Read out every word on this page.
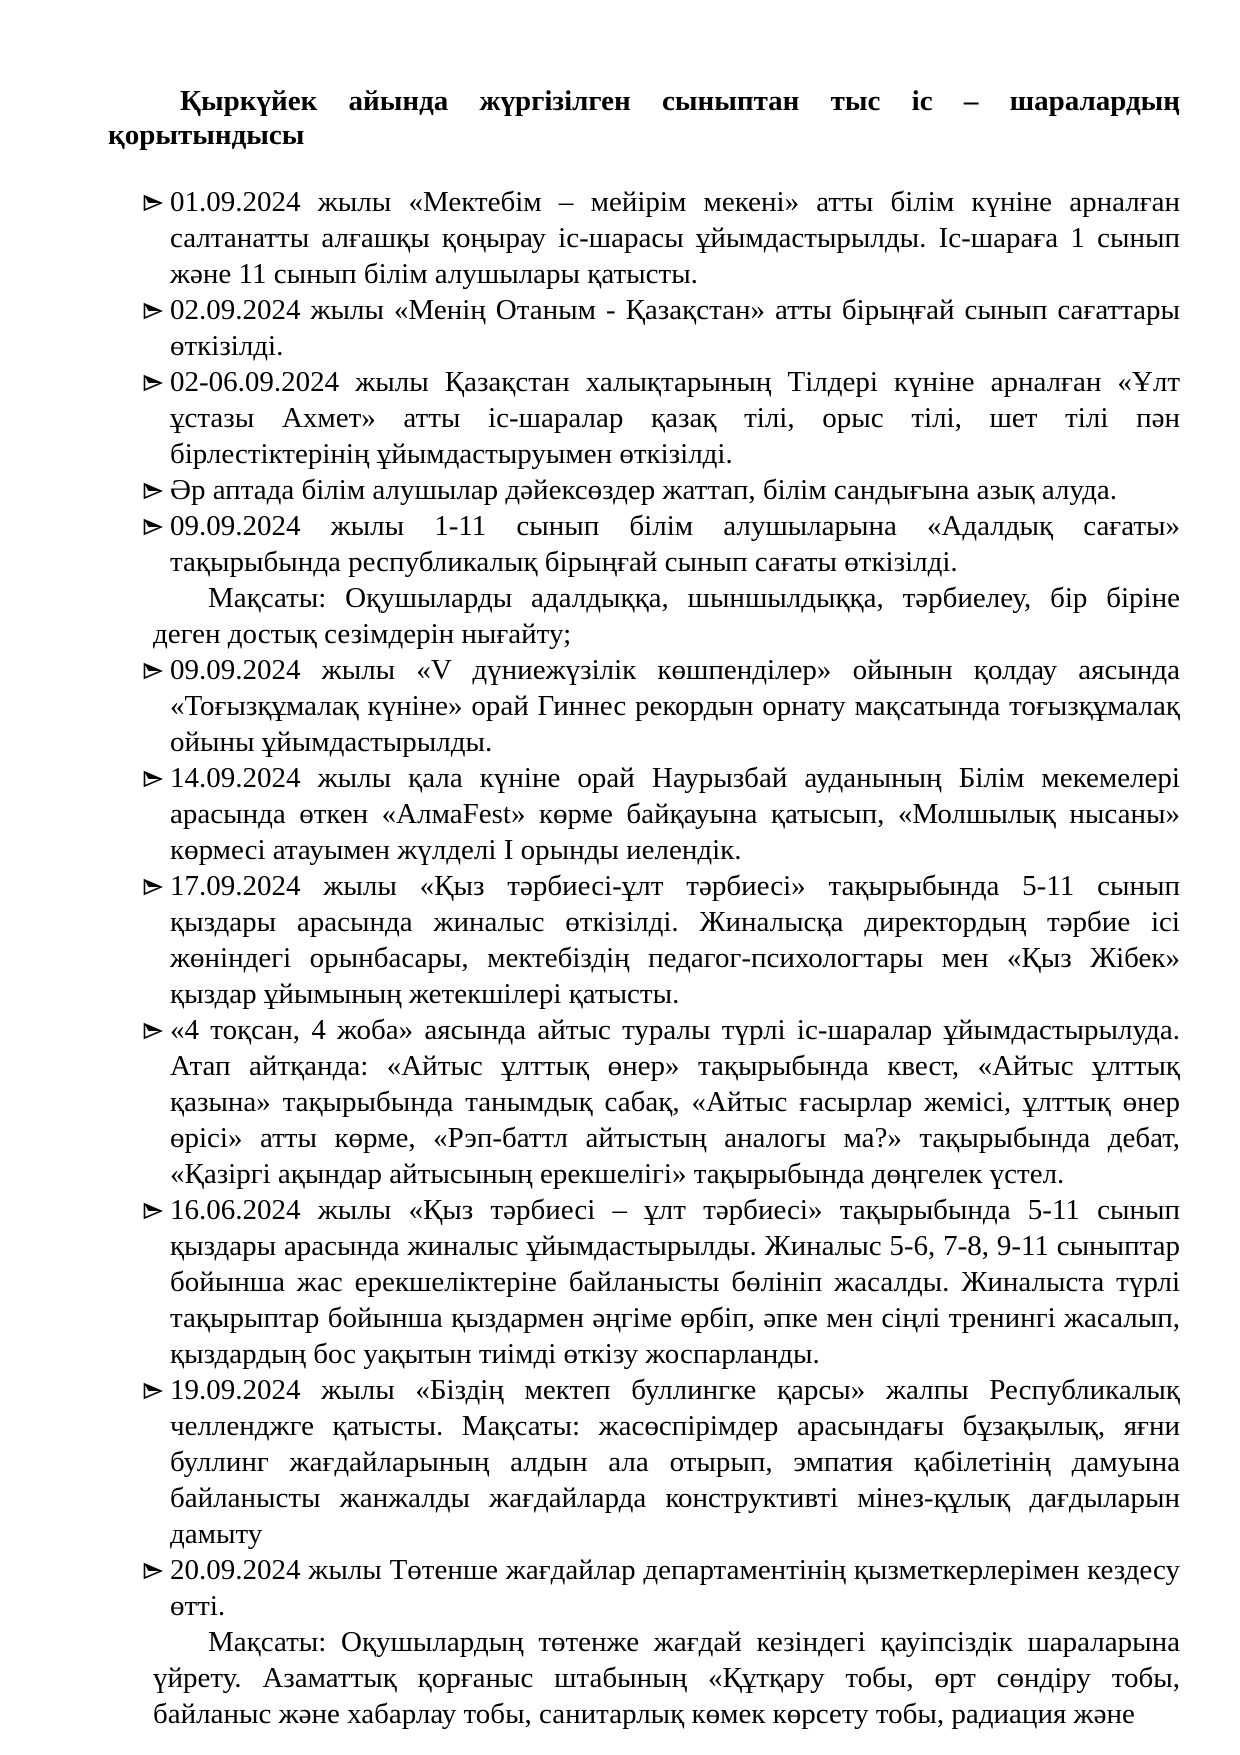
Қыркүйек айында жүргізілген сыныптан тыс іс – шаралардың қорытындысы
01.09.2024 жылы «Мектебім – мейірім мекені» атты білім күніне арналған салтанатты алғашқы қоңырау іс-шарасы ұйымдастырылды. Іс-шараға 1 сынып және 11 сынып білім алушылары қатысты.
02.09.2024 жылы «Менің Отаным - Қазақстан» атты бірыңғай сынып сағаттары өткізілді.
02-06.09.2024 жылы Қазақстан халықтарының Тілдері күніне арналған «Ұлт ұстазы Ахмет» атты іс-шаралар қазақ тілі, орыс тілі, шет тілі пән бірлестіктерінің ұйымдастыруымен өткізілді.
Әр аптада білім алушылар дәйексөздер жаттап, білім сандығына азық алуда.
09.09.2024 жылы 1-11 сынып білім алушыларына «Адалдық сағаты» тақырыбында республикалық бірыңғай сынып сағаты өткізілді.

Мақсаты: Оқушыларды адалдыққа, шыншылдыққа, тәрбиелеу, бір біріне деген достық сезімдерін нығайту;

09.09.2024 жылы «V дүниежүзілік көшпенділер» ойынын қолдау аясында «Тоғызқұмалақ күніне» орай Гиннес рекордын орнату мақсатында тоғызқұмалақ ойыны ұйымдастырылды.
14.09.2024 жылы қала күніне орай Наурызбай ауданының Білім мекемелері арасында өткен «АлмаFest» көрме байқауына қатысып, «Молшылық нысаны» көрмесі атауымен жүлделі I орынды иелендік.
17.09.2024 жылы «Қыз тәрбиесі-ұлт тәрбиесі» тақырыбында 5-11 сынып қыздары арасында жиналыс өткізілді. Жиналысқа директордың тәрбие ісі жөніндегі орынбасары, мектебіздің педагог-психологтары мен «Қыз Жібек» қыздар ұйымының жетекшілері қатысты.
«4 тоқсан, 4 жоба» аясында айтыс туралы түрлі іс-шаралар ұйымдастырылуда. Атап айтқанда: «Айтыс ұлттық өнер» тақырыбында квест, «Айтыс ұлттық қазына» тақырыбында танымдық сабақ, «Айтыс ғасырлар жемісі, ұлттық өнер өрісі» атты көрме, «Рэп-баттл айтыстың аналогы ма?» тақырыбында дебат, «Қазіргі ақындар айтысының ерекшелігі» тақырыбында дөңгелек үстел.
16.06.2024 жылы «Қыз тәрбиесі – ұлт тәрбиесі» тақырыбында 5-11 сынып қыздары арасында жиналыс ұйымдастырылды. Жиналыс 5-6, 7-8, 9-11 сыныптар бойынша жас ерекшеліктеріне байланысты бөлініп жасалды. Жиналыста түрлі тақырыптар бойынша қыздармен әңгіме өрбіп, әпке мен сіңлі тренингі жасалып, қыздардың бос уақытын тиімді өткізу жоспарланды.
19.09.2024 жылы «Біздің мектеп буллингке қарсы» жалпы Республикалық челленджге қатысты. Мақсаты: жасөспірімдер арасындағы бұзақылық, яғни буллинг жағдайларының алдын ала отырып, эмпатия қабілетінің дамуына байланысты жанжалды жағдайларда конструктивті мінез-құлық дағдыларын дамыту
20.09.2024 жылы Төтенше жағдайлар департаментінің қызметкерлерімен кездесу өтті.

Мақсаты: Оқушылардың төтенже жағдай кезіндегі қауіпсіздік шараларына үйрету. Азаматтық қорғаныс штабының «Құтқару тобы, өрт сөндіру тобы, байланыс және хабарлау тобы, санитарлық көмек көрсету тобы, радиация және
